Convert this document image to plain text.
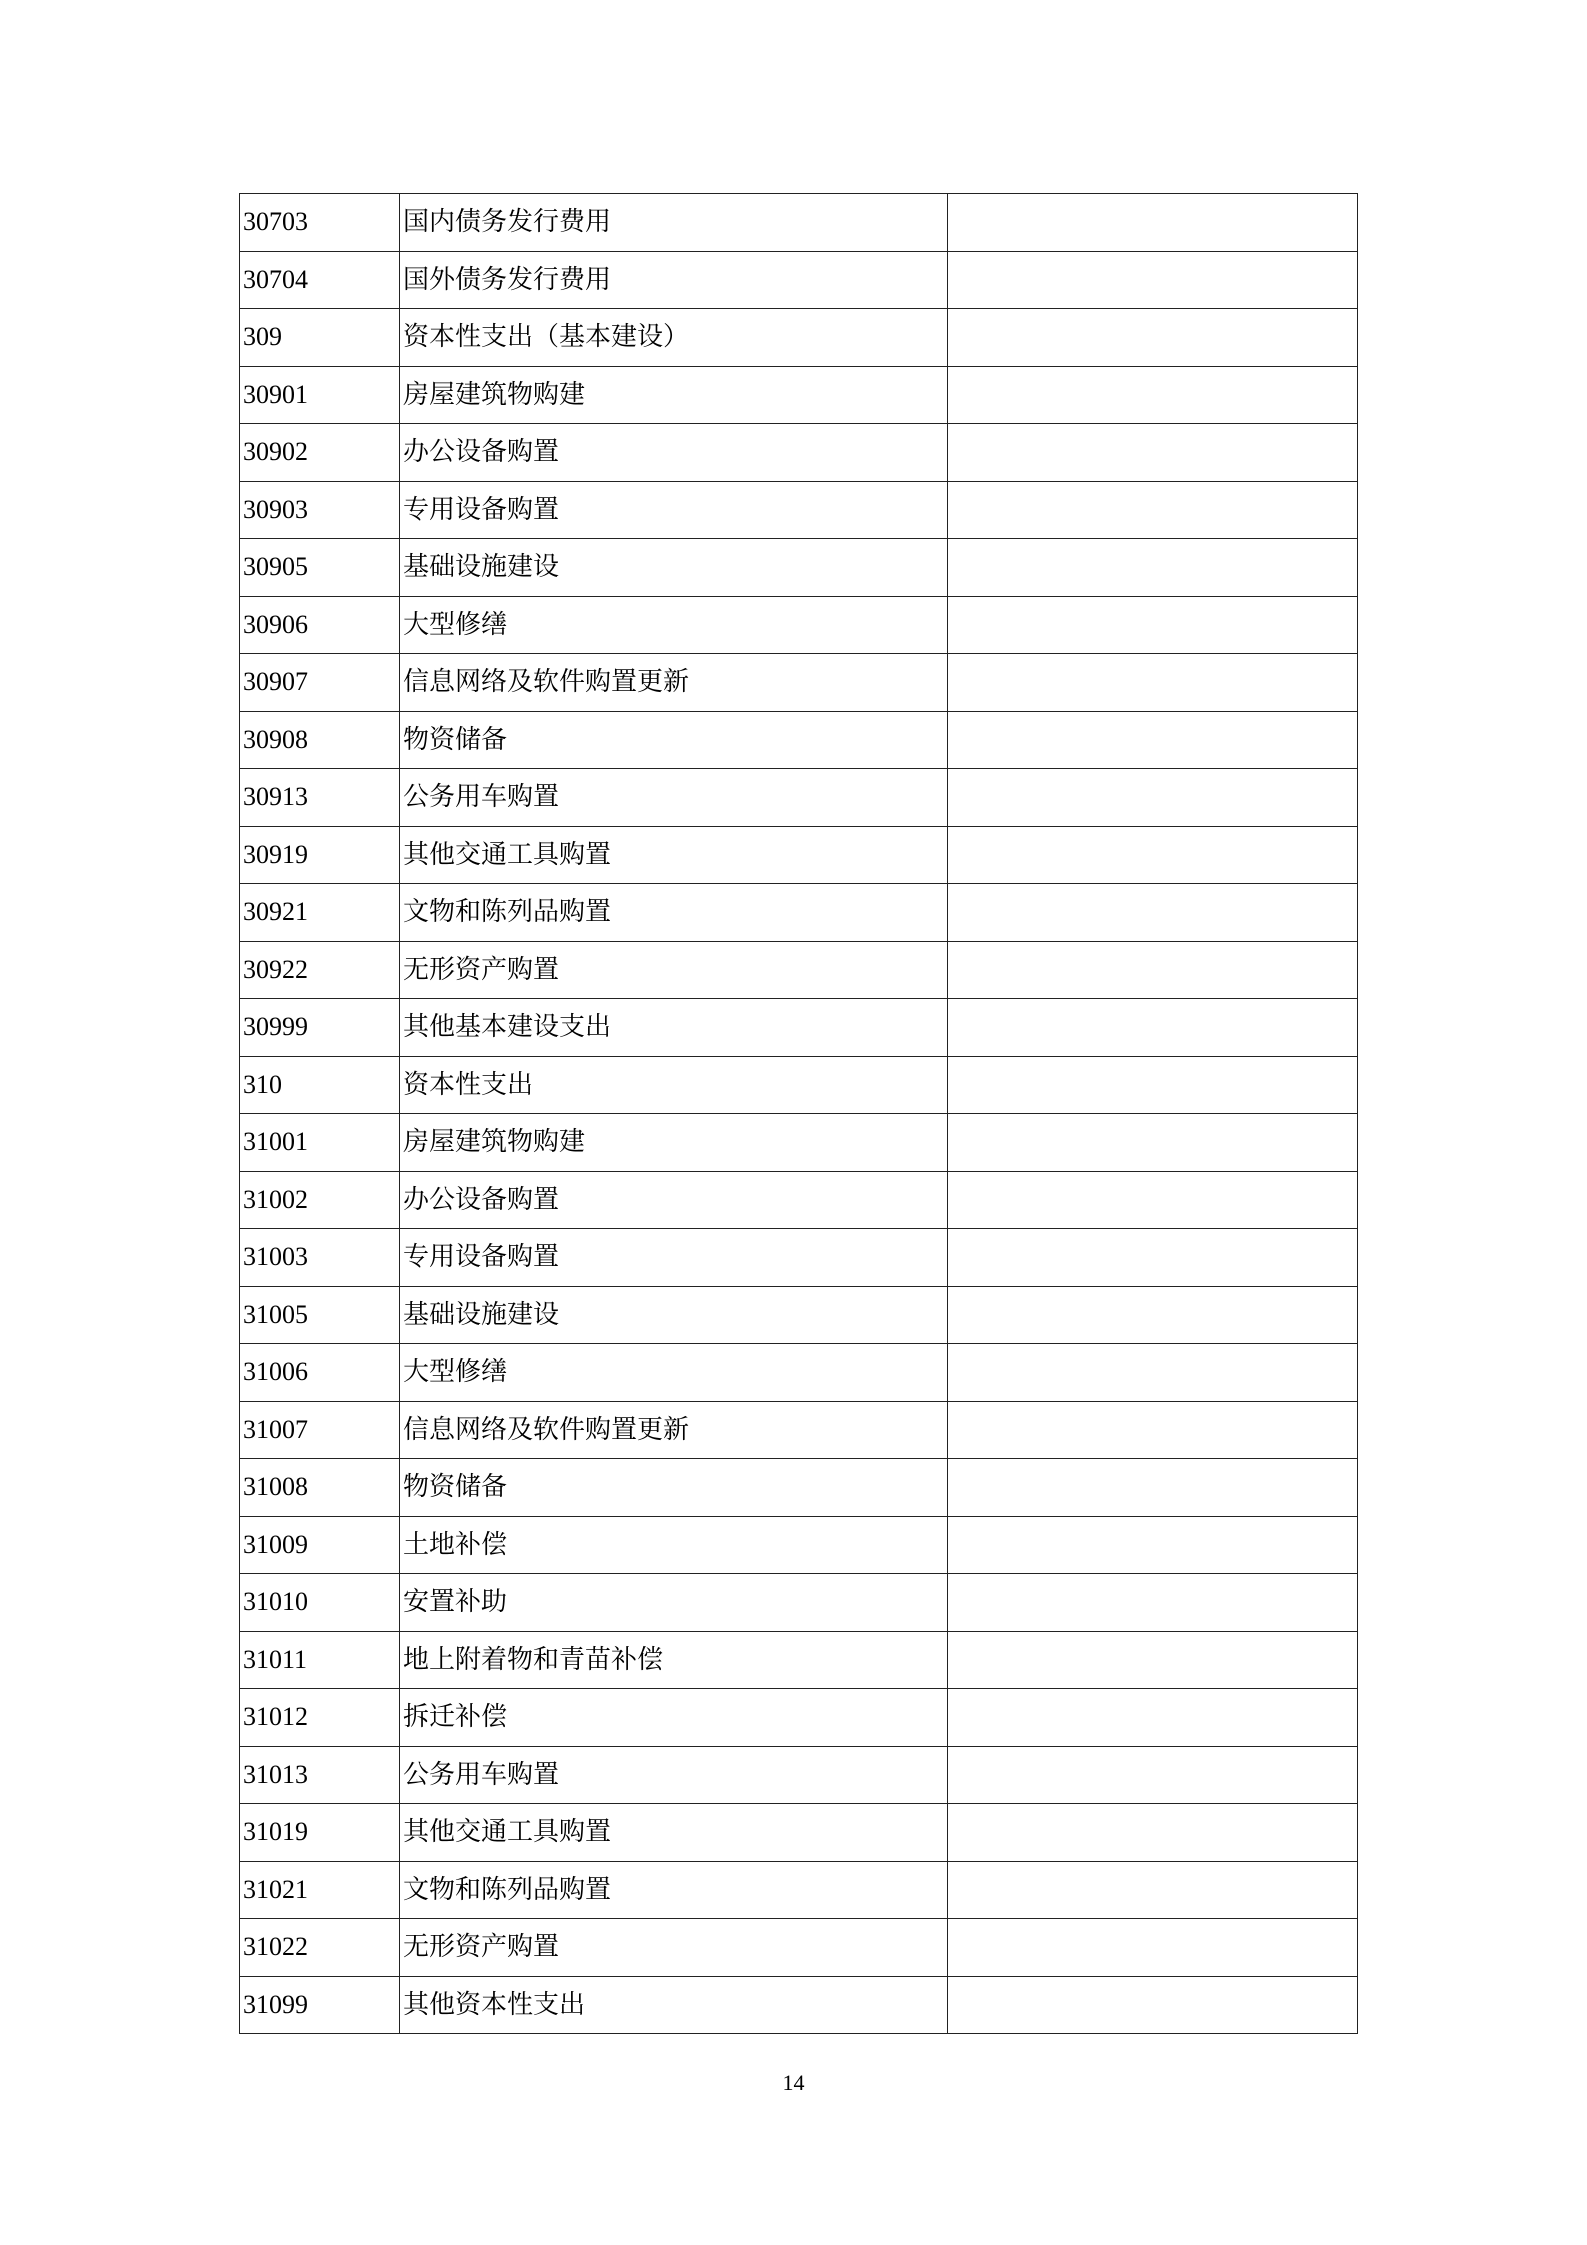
30703	国内债务发行费用	
30704	国外债务发行费用	
309	资本性支出（基本建设）	
30901	房屋建筑物购建	
30902	办公设备购置	
30903	专用设备购置	
30905	基础设施建设	
30906	大型修缮	
30907	信息网络及软件购置更新	
30908	物资储备	
30913	公务用车购置	
30919	其他交通工具购置	
30921	文物和陈列品购置	
30922	无形资产购置	
30999	其他基本建设支出	
310	资本性支出	
31001	房屋建筑物购建	
31002	办公设备购置	
31003	专用设备购置	
31005	基础设施建设	
31006	大型修缮	
31007	信息网络及软件购置更新	
31008	物资储备	
31009	土地补偿	
31010	安置补助	
31011	地上附着物和青苗补偿	
31012	拆迁补偿	
31013	公务用车购置	
31019	其他交通工具购置	
31021	文物和陈列品购置	
31022	无形资产购置	
31099	其他资本性支出	
14
